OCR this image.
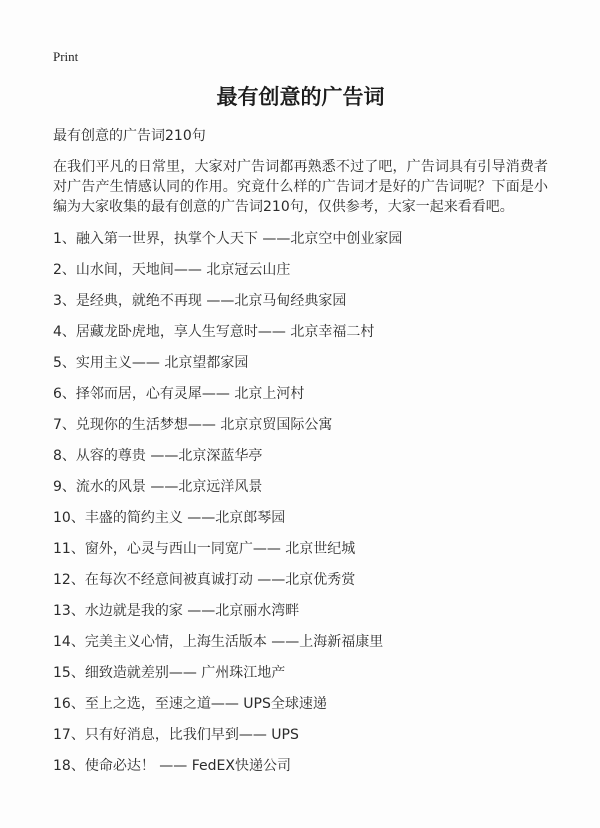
Print
最有创意的广告词

最有创意的广告词210句

在我们平凡的日常里，大家对广告词都再熟悉不过了吧，广告词具有引导消费者对广告产生情感认同的作用。究竟什么样的广告词才是好的广告词呢？下面是小编为大家收集的最有创意的广告词210句，仅供参考，大家一起来看看吧。

1、融入第一世界，执掌个人天下 ——北京空中创业家园

2、山水间，天地间—— 北京冠云山庄

3、是经典，就绝不再现 ——北京马甸经典家园

4、居藏龙卧虎地，享人生写意时—— 北京幸福二村

5、实用主义—— 北京望都家园

6、择邻而居，心有灵犀—— 北京上河村

7、兑现你的生活梦想—— 北京京贸国际公寓

8、从容的尊贵 ——北京深蓝华亭

9、流水的风景 ——北京远洋风景

10、丰盛的简约主义 ——北京郎琴园

11、窗外，心灵与西山一同宽广—— 北京世纪城

12、在每次不经意间被真诚打动 ——北京优秀赏

13、水边就是我的家 ——北京丽水湾畔

14、完美主义心情，上海生活版本 ——上海新福康里

15、细致造就差别—— 广州珠江地产

16、至上之选，至速之道—— UPS全球速递

17、只有好消息，比我们早到—— UPS

18、使命必达！ —— FedEX快递公司
